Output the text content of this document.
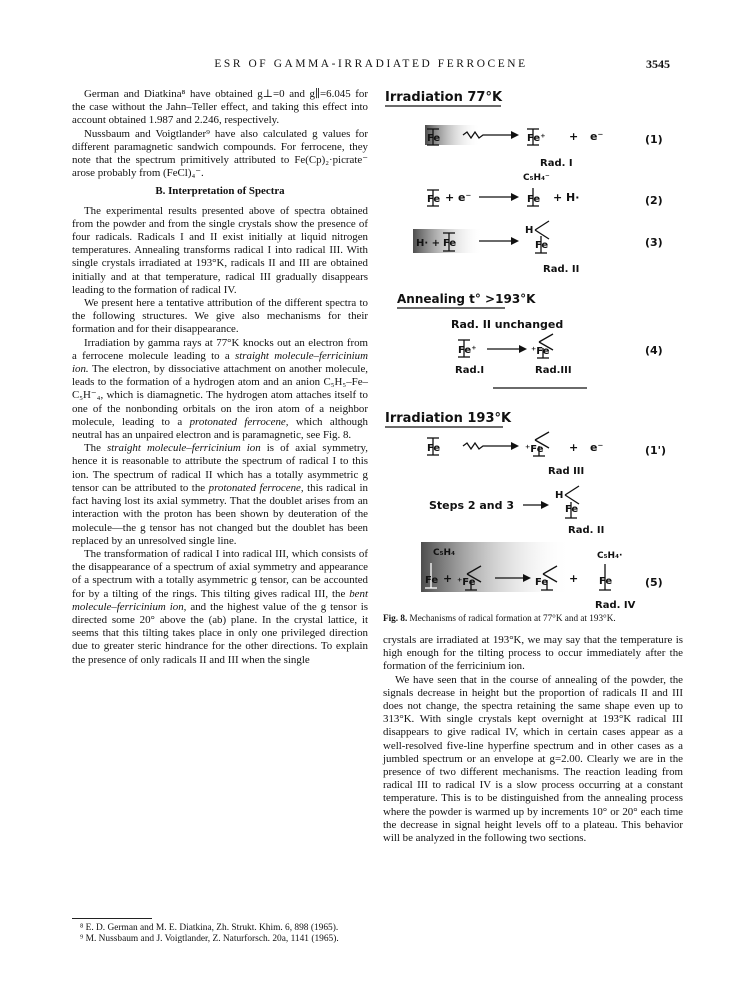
ESR OF GAMMA-IRRADIATED FERROCENE	3545

German and Diatkina⁸ have obtained g⊥=0 and g∥=6.045 for the case without the Jahn–Teller effect, and taking this effect into account obtained 1.987 and 2.246, respectively.

Nussbaum and Voigtlander⁹ have also calculated g values for different paramagnetic sandwich compounds. For ferrocene, they note that the spectrum primitively attributed to Fe(Cp)₂·picrate⁻ arose probably from (FeCl)₄⁻.

B. Interpretation of Spectra

The experimental results presented above of spectra obtained from the powder and from the single crystals show the presence of four radicals. Radicals I and II exist initially at liquid nitrogen temperatures. Annealing transforms radical I into radical III. With single crystals irradiated at 193°K, radicals II and III are obtained initially and at that temperature, radical III gradually disappears leading to the formation of radical IV.

We present here a tentative attribution of the different spectra to the following structures. We give also mechanisms for their formation and for their disappearance.

Irradiation by gamma rays at 77°K knocks out an electron from a ferrocene molecule leading to a straight molecule–ferricinium ion. The electron, by dissociative attachment on another molecule, leads to the formation of a hydrogen atom and an anion C₅H₅–Fe–C₅H⁻₄, which is diamagnetic. The hydrogen atom attaches itself to one of the nonbonding orbitals on the iron atom of a neighbor molecule, leading to a protonated ferrocene, which although neutral has an unpaired electron and is paramagnetic, see Fig. 8.

The straight molecule–ferricinium ion is of axial symmetry, hence it is reasonable to attribute the spectrum of radical I to this ion. The spectrum of radical II which has a totally asymmetric g tensor can be attributed to the protonated ferrocene, this radical in fact having lost its axial symmetry. That the doublet arises from an interaction with the proton has been shown by deuteration of the molecule—the g tensor has not changed but the doublet has been replaced by an unresolved single line.

The transformation of radical I into radical III, which consists of the disappearance of a spectrum of axial symmetry and appearance of a spectrum with a totally asymmetric g tensor, can be accounted for by a tilting of the rings. This tilting gives radical III, the bent molecule–ferricinium ion, and the highest value of the g tensor is directed some 20° above the (ab) plane. In the crystal lattice, it seems that this tilting takes place in only one privileged direction due to greater steric hindrance for the other directions. To explain the presence of only radicals II and III when the single

⁸ E. D. German and M. E. Diatkina, Zh. Strukt. Khim. 6, 898 (1965).

⁹ M. Nussbaum and J. Voigtlander, Z. Naturforsch. 20a, 1141 (1965).

Irradiation 77°K
Fe	Fe⁺ + e⁻	(1)
Rad. I
C₅H₄⁻
Fe + e⁻	Fe + H·	(2)
H· + Fe
H
Fe	(3)
Rad. II
Annealing t° >193°K
Rad. II unchanged
Fe⁺	⁺Fe	(4)
Rad.I	Rad.III
Irradiation 193°K
Fe	⁺Fe + e⁻	(1')
Rad III
Steps 2 and 3
H
Fe
Rad. II
C₅H₄
Fe + ⁺Fe	Fe +
C₅H₄·
Fe	(5)
Rad. IV
Fig. 8. Mechanisms of radical formation at 77°K and at 193°K.

crystals are irradiated at 193°K, we may say that the temperature is high enough for the tilting process to occur immediately after the formation of the ferricinium ion.

We have seen that in the course of annealing of the powder, the signals decrease in height but the proportion of radicals II and III does not change, the spectra retaining the same shape even up to 313°K. With single crystals kept overnight at 193°K radical III disappears to give radical IV, which in certain cases appear as a well-resolved five-line hyperfine spectrum and in other cases as a jumbled spectrum or an envelope at g=2.00. Clearly we are in the presence of two different mechanisms. The reaction leading from radical III to radical IV is a slow process occurring at a constant temperature. This is to be distinguished from the annealing process where the powder is warmed up by increments 10° or 20° each time the decrease in signal height levels off to a plateau. This behavior will be analyzed in the following two sections.
